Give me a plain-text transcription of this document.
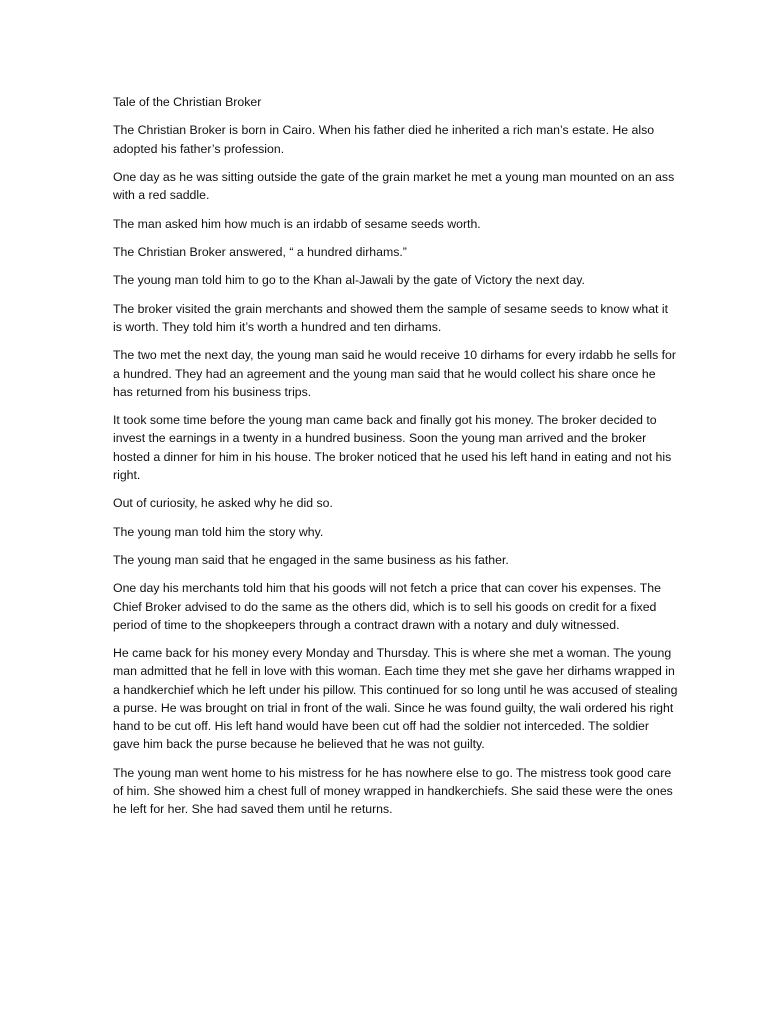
Tale of the Christian Broker

The Christian Broker is born in Cairo. When his father died he inherited a rich man’s estate. He also adopted his father’s profession.

One day as he was sitting outside the gate of the grain market he met a young man mounted on an ass with a red saddle.

The man asked him how much is an irdabb of sesame seeds worth.

The Christian Broker answered, “ a hundred dirhams.”

The young man told him to go to the Khan al-Jawali by the gate of Victory the next day.

The broker visited the grain merchants and showed them the sample of sesame seeds to know what it is worth. They told him it’s worth a hundred and ten dirhams.

The two met the next day, the young man said he would receive 10 dirhams for every irdabb he sells for a hundred. They had an agreement and the young man said that he would collect his share once he has returned from his business trips.

It took some time before the young man came back and finally got his money. The broker decided to invest the earnings in a twenty in a hundred business. Soon the young man arrived and the broker hosted a dinner for him in his house. The broker noticed that he used his left hand in eating and not his right.

Out of curiosity, he asked why he did so.

The young man told him the story why.

The young man said that he engaged in the same business as his father.

One day his merchants told him that his goods will not fetch a price that can cover his expenses. The Chief Broker advised to do the same as the others did, which is to sell his goods on credit for a fixed period of time to the shopkeepers through a contract drawn with a notary and duly witnessed.

He came back for his money every Monday and Thursday. This is where she met a woman. The young man admitted that he fell in love with this woman. Each time they met she gave her dirhams wrapped in a handkerchief which he left under his pillow. This continued for so long until he was accused of stealing a purse. He was brought on trial in front of the wali. Since he was found guilty, the wali ordered his right hand to be cut off. His left hand would have been cut off had the soldier not interceded. The soldier gave him back the purse because he believed that he was not guilty.

The young man went home to his mistress for he has nowhere else to go. The mistress took good care of him. She showed him a chest full of money wrapped in handkerchiefs. She said these were the ones he left for her. She had saved them until he returns.
